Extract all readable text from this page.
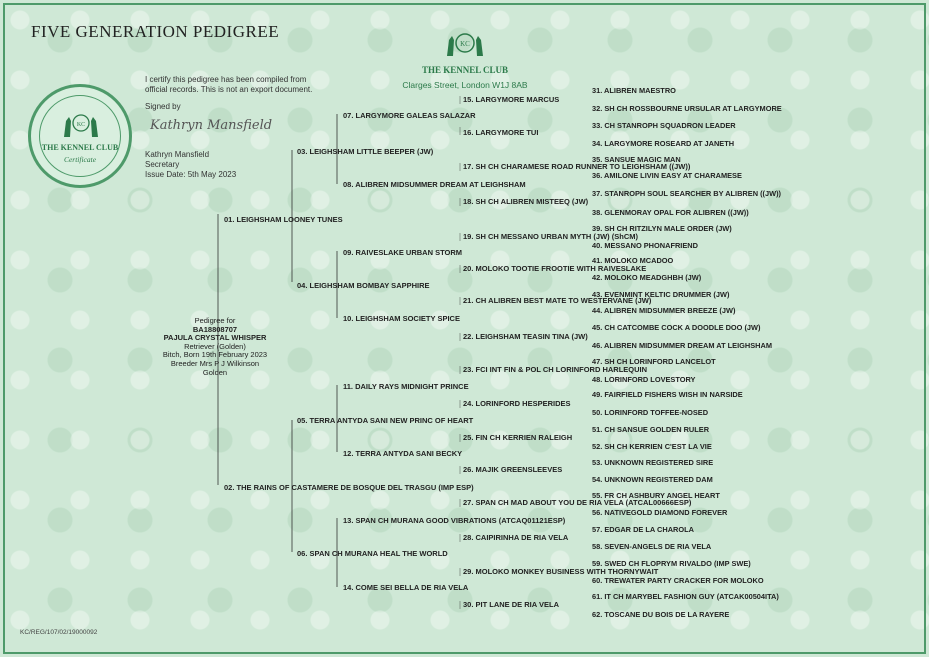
FIVE GENERATION PEDIGREE
KC
THE KENNEL CLUB
Clarges Street, London W1J 8AB
KC
THE KENNEL CLUB
Certificate
I certify this pedigree has been compiled from
official records. This is not an export document.
Signed by
Kathryn Mansfield
Kathryn Mansfield
Secretary
Issue Date: 5th May 2023
Pedigree for
BA18808707
PAJULA CRYSTAL WHISPER
Retriever (Golden)
Bitch, Born 19th February 2023
Breeder Mrs P J Wilkinson
Golden
01. LEIGHSHAM LOONEY TUNES
02. THE RAINS OF CASTAMERE DE BOSQUE DEL TRASGU (IMP ESP)
03. LEIGHSHAM LITTLE BEEPER (JW)
04. LEIGHSHAM BOMBAY SAPPHIRE
05. TERRA ANTYDA SANI NEW PRINC OF HEART
06. SPAN CH MURANA HEAL THE WORLD
07. LARGYMORE GALEAS SALAZAR
08. ALIBREN MIDSUMMER DREAM AT LEIGHSHAM
09. RAIVESLAKE URBAN STORM
10. LEIGHSHAM SOCIETY SPICE
11. DAILY RAYS MIDNIGHT PRINCE
12. TERRA ANTYDA SANI BECKY
13. SPAN CH MURANA GOOD VIBRATIONS (ATCAQ01121ESP)
14. COME SEI BELLA DE RIA VELA
15. LARGYMORE MARCUS
16. LARGYMORE TUI
17. SH CH CHARAMESE ROAD RUNNER TO LEIGHSHAM ((JW))
18. SH CH ALIBREN MISTEEQ (JW)
19. SH CH MESSANO URBAN MYTH (JW) (ShCM)
20. MOLOKO TOOTIE FROOTIE WITH RAIVESLAKE
21. CH ALIBREN BEST MATE TO WESTERVANE (JW)
22. LEIGHSHAM TEASIN TINA (JW)
23. FCI INT FIN & POL CH LORINFORD HARLEQUIN
24. LORINFORD HESPERIDES
25. FIN CH KERRIEN RALEIGH
26. MAJIK GREENSLEEVES
27. SPAN CH MAD ABOUT YOU DE RIA VELA (ATCAL00666ESP)
28. CAIPIRINHA DE RIA VELA
29. MOLOKO MONKEY BUSINESS WITH THORNYWAIT
30. PIT LANE DE RIA VELA
31. ALIBREN MAESTRO
32. SH CH ROSSBOURNE URSULAR AT LARGYMORE
33. CH STANROPH SQUADRON LEADER
34. LARGYMORE ROSEARD AT JANETH
35. SANSUE MAGIC MAN
36. AMILONE LIVIN EASY AT CHARAMESE
37. STANROPH SOUL SEARCHER BY ALIBREN ((JW))
38. GLENMORAY OPAL FOR ALIBREN ((JW))
39. SH CH RITZILYN MALE ORDER (JW)
40. MESSANO PHONAFRIEND
41. MOLOKO MCADOO
42. MOLOKO MEADGHBH (JW)
43. EVENMINT KELTIC DRUMMER (JW)
44. ALIBREN MIDSUMMER BREEZE (JW)
45. CH CATCOMBE COCK A DOODLE DOO (JW)
46. ALIBREN MIDSUMMER DREAM AT LEIGHSHAM
47. SH CH LORINFORD LANCELOT
48. LORINFORD LOVESTORY
49. FAIRFIELD FISHERS WISH IN NARSIDE
50. LORINFORD TOFFEE-NOSED
51. CH SANSUE GOLDEN RULER
52. SH CH KERRIEN C'EST LA VIE
53. UNKNOWN REGISTERED SIRE
54. UNKNOWN REGISTERED DAM
55. FR CH ASHBURY ANGEL HEART
56. NATIVEGOLD DIAMOND FOREVER
57. EDGAR DE LA CHAROLA
58. SEVEN-ANGELS DE RIA VELA
59. SWED CH FLOPRYM RIVALDO (IMP SWE)
60. TREWATER PARTY CRACKER FOR MOLOKO
61. IT CH MARYBEL FASHION GUY (ATCAK00504ITA)
62. TOSCANE DU BOIS DE LA RAYERE
KC/REG/107/02/19000092
